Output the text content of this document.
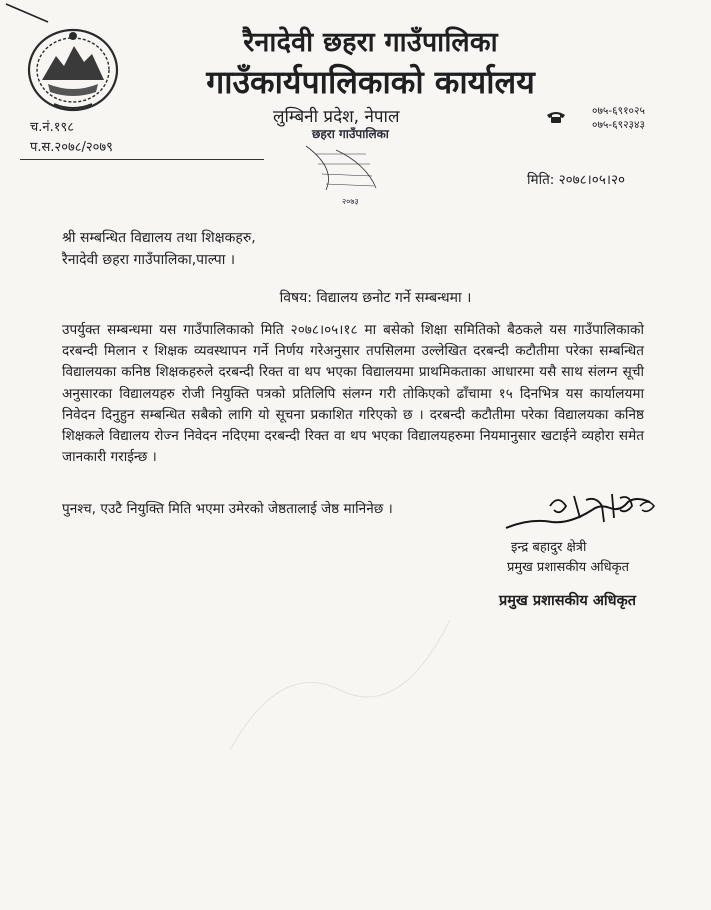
रैनादेवी छहरा गाउँपालिका
गाउँकार्यपालिकाको कार्यालय
लुम्बिनी प्रदेश, नेपाल	०७५-६९१०२५
०७५-६९२३४३
च.नं.१९८
प.स.२०७८/२०७९
छहरा गाउँपालिका
२०७३
मिति: २०७८।०५।२०
श्री सम्बन्धित विद्यालय तथा शिक्षकहरु,
रैनादेवी छहरा गाउँपालिका,पाल्पा ।
विषय: विद्यालय छनोट गर्ने सम्बन्धमा ।
उपर्युक्त सम्बन्धमा यस गाउँपालिकाको मिति २०७८।०५।१८ मा बसेको शिक्षा समितिको बैठकले यस गाउँपालिकाको दरबन्दी मिलान र शिक्षक व्यवस्थापन गर्ने निर्णय गरेअनुसार तपसिलमा उल्लेखित दरबन्दी कटौतीमा परेका सम्बन्धित विद्यालयका कनिष्ठ शिक्षकहरुले दरबन्दी रिक्त वा थप भएका विद्यालयमा प्राथमिकताका आधारमा यसै साथ संलग्न सूची अनुसारका विद्यालयहरु रोजी नियुक्ति पत्रको प्रतिलिपि संलग्न गरी तोकिएको ढाँचामा १५ दिनभित्र यस कार्यालयमा निवेदन दिनुहुन सम्बन्धित सबैको लागि यो सूचना प्रकाशित गरिएको छ । दरबन्दी कटौतीमा परेका विद्यालयका कनिष्ठ शिक्षकले विद्यालय रोज्न निवेदन नदिएमा दरबन्दी रिक्त वा थप भएका विद्यालयहरुमा नियमानुसार खटाईने व्यहोरा समेत जानकारी गराईन्छ ।
पुनश्च, एउटै नियुक्ति मिति भएमा उमेरको जेष्ठतालाई जेष्ठ मानिनेछ ।
इन्द्र बहादुर क्षेत्री
प्रमुख प्रशासकीय अधिकृत
प्रमुख प्रशासकीय अधिकृत
